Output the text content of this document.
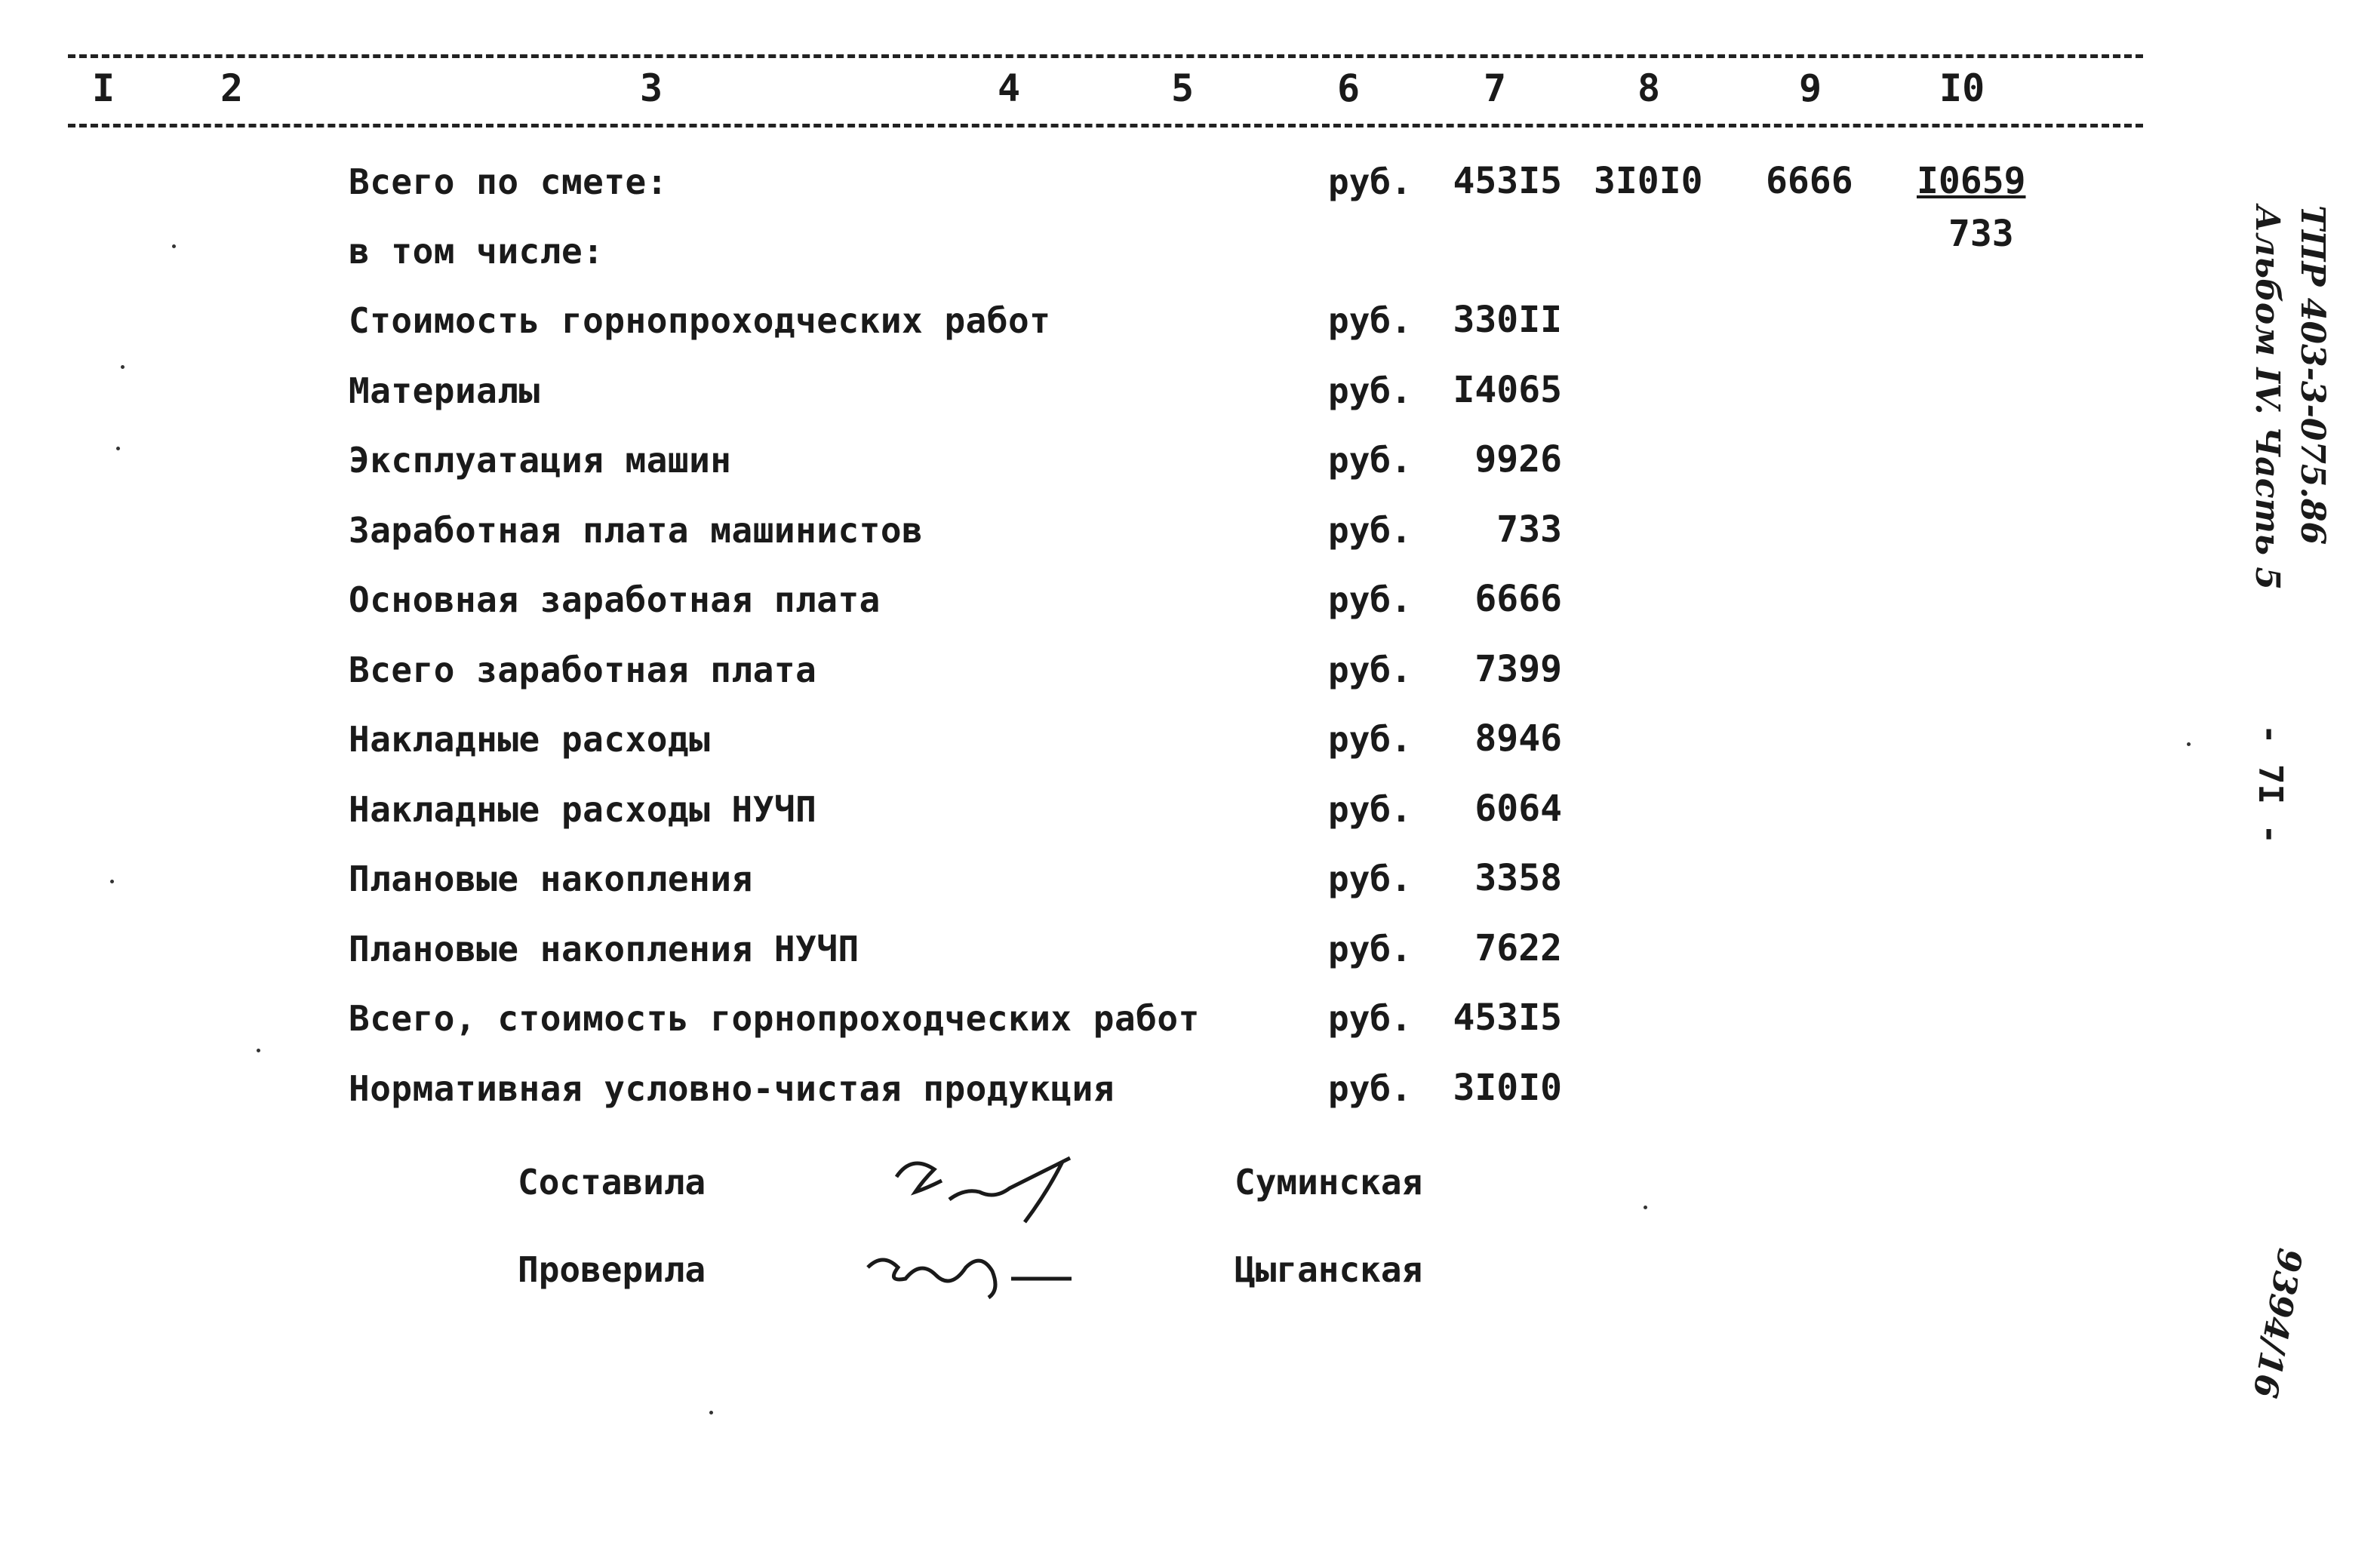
I	2	3	4	5	6	7	8	9	I0
Всего по смете:	руб. 453I5 3I0I0 6666 I0659
733
в том числе:
Стоимость горнопроходческих работ	руб. 330II
Материалы	руб. I4065
Эксплуатация машин	руб. 9926
Заработная плата машинистов	руб. 733
Основная заработная плата	руб. 6666
Всего заработная плата	руб. 7399
Накладные расходы	руб. 8946
Накладные расходы НУЧП	руб. 6064
Плановые накопления	руб. 3358
Плановые накопления НУЧП	руб. 7622
Всего, стоимость горнопроходческих работ	руб. 453I5
Нормативная условно-чистая продукция	руб. 3I0I0
Составила	Суминская
Проверила	Цыганская
ТПР 403-3-075.86
Альбом IV. Часть 5
- 7I -
9394/16
